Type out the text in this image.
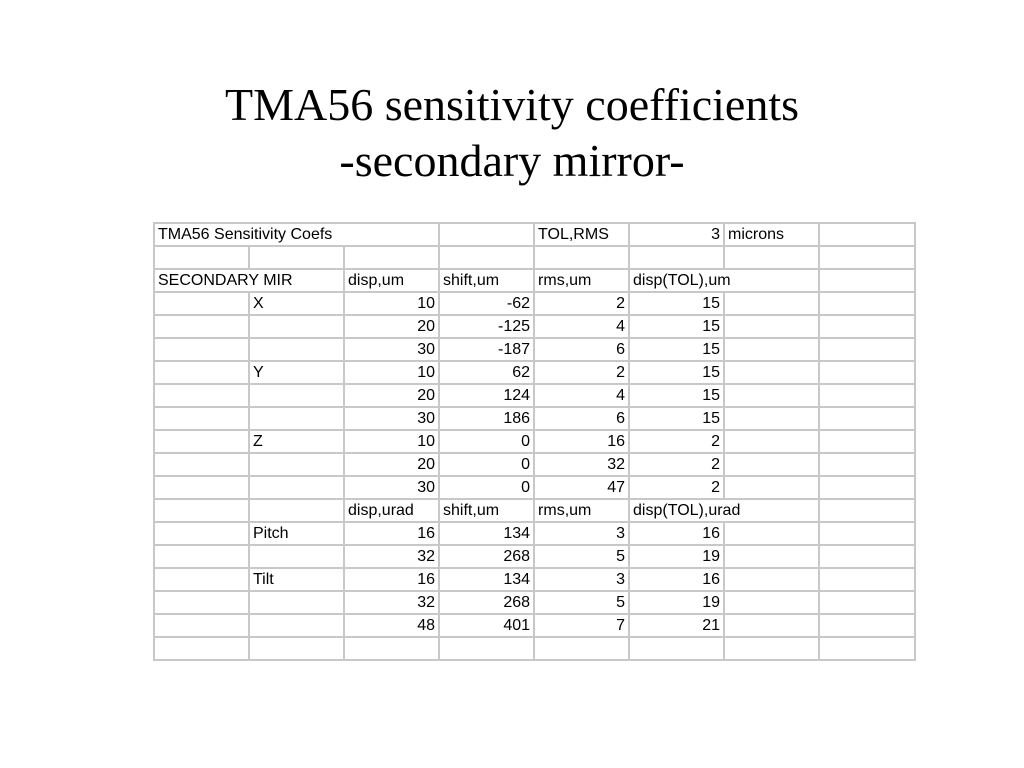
TMA56 sensitivity coefficients
-secondary mirror-
TMA56 Sensitivity Coefs				TOL,RMS	3	microns	

SECONDARY MIR		disp,um	shift,um	rms,um	disp(TOL),um		
	X	10	-62	2	15		
		20	-125	4	15		
		30	-187	6	15		
	Y	10	62	2	15		
		20	124	4	15		
		30	186	6	15		
	Z	10	0	16	2		
		20	0	32	2		
		30	0	47	2		
		disp,urad	shift,um	rms,um	disp(TOL),urad		
	Pitch	16	134	3	16		
		32	268	5	19		
	Tilt	16	134	3	16		
		32	268	5	19		
		48	401	7	21		
